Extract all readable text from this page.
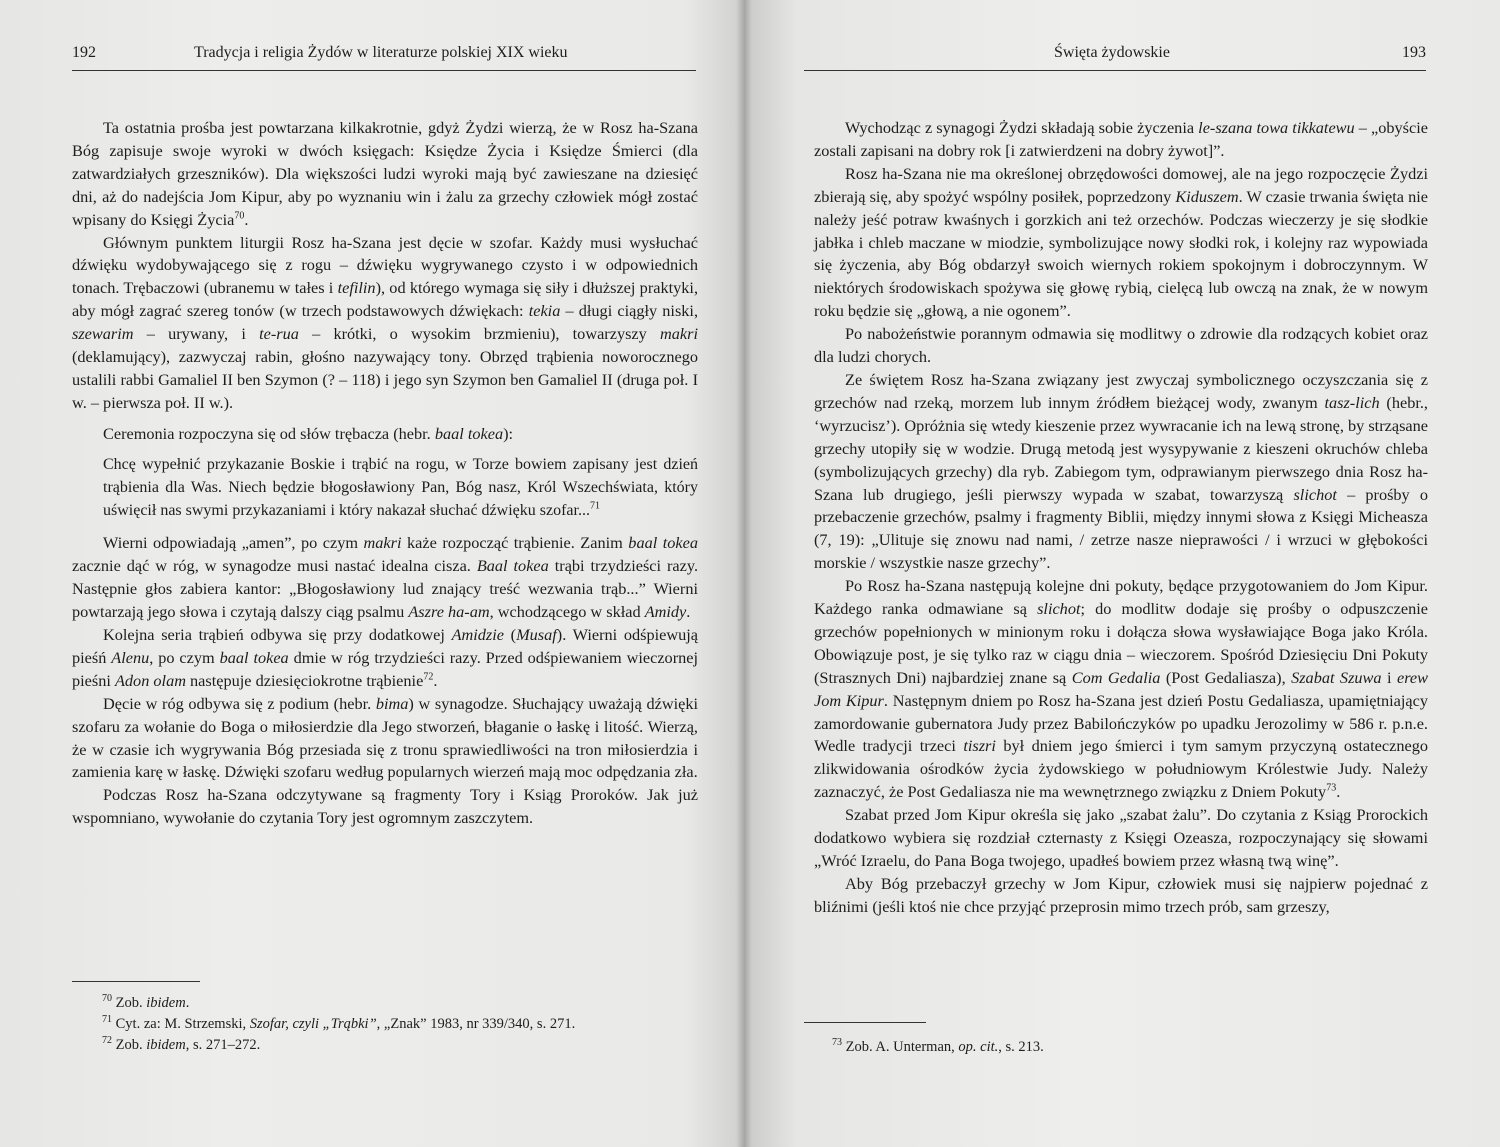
192	Tradycja i religia Żydów w literaturze polskiej XIX wieku

Ta ostatnia prośba jest powtarzana kilkakrotnie, gdyż Żydzi wierzą, że w Rosz ha-Szana Bóg zapisuje swoje wyroki w dwóch księgach: Księdze Życia i Księdze Śmierci (dla zatwardziałych grzeszników). Dla większości ludzi wyroki mają być zawieszane na dziesięć dni, aż do nadejścia Jom Kipur, aby po wyznaniu win i żalu za grzechy człowiek mógł zostać wpisany do Księgi Życia$^{70}$.

Głównym punktem liturgii Rosz ha-Szana jest dęcie w szofar. Każdy musi wysłuchać dźwięku wydobywającego się z rogu – dźwięku wygrywanego czysto i w odpowiednich tonach. Trębaczowi (ubranemu w tałes i tefilin), od którego wymaga się siły i dłuższej praktyki, aby mógł zagrać szereg tonów (w trzech podstawowych dźwiękach: tekia – długi ciągły niski, szewarim – urywany, i te-rua – krótki, o wysokim brzmieniu), towarzyszy makri (deklamujący), zazwyczaj rabin, głośno nazywający tony. Obrzęd trąbienia noworocznego ustalili rabbi Gamaliel II ben Szymon (? – 118) i jego syn Szymon ben Gamaliel II (druga poł. I w. – pierwsza poł. II w.).

Ceremonia rozpoczyna się od słów trębacza (hebr. baal tokea):

Chcę wypełnić przykazanie Boskie i trąbić na rogu, w Torze bowiem zapisany jest dzień trąbienia dla Was. Niech będzie błogosławiony Pan, Bóg nasz, Król Wszechświata, który uświęcił nas swymi przykazaniami i który nakazał słuchać dźwięku szofar...$^{71}$

Wierni odpowiadają „amen”, po czym makri każe rozpocząć trąbienie. Zanim baal tokea zacznie dąć w róg, w synagodze musi nastać idealna cisza. Baal tokea trąbi trzydzieści razy. Następnie głos zabiera kantor: „Błogosławiony lud znający treść wezwania trąb...” Wierni powtarzają jego słowa i czytają dalszy ciąg psalmu Aszre ha-am, wchodzącego w skład Amidy.

Kolejna seria trąbień odbywa się przy dodatkowej Amidzie (Musaf). Wierni odśpiewują pieśń Alenu, po czym baal tokea dmie w róg trzydzieści razy. Przed odśpiewaniem wieczornej pieśni Adon olam następuje dziesięciokrotne trąbienie$^{72}$.

Dęcie w róg odbywa się z podium (hebr. bima) w synagodze. Słuchający uważają dźwięki szofaru za wołanie do Boga o miłosierdzie dla Jego stworzeń, błaganie o łaskę i litość. Wierzą, że w czasie ich wygrywania Bóg przesiada się z tronu sprawiedliwości na tron miłosierdzia i zamienia karę w łaskę. Dźwięki szofaru według popularnych wierzeń mają moc odpędzania zła.

Podczas Rosz ha-Szana odczytywane są fragmenty Tory i Ksiąg Proroków. Jak już wspomniano, wywołanie do czytania Tory jest ogromnym zaszczytem.

$^{70}$ Zob. ibidem.
$^{71}$ Cyt. za: M. Strzemski, Szofar, czyli „Trąbki”, „Znak” 1983, nr 339/340, s. 271.
$^{72}$ Zob. ibidem, s. 271–272.
Święta żydowskie	193

Wychodząc z synagogi Żydzi składają sobie życzenia le-szana towa tikkatewu – „obyście zostali zapisani na dobry rok [i zatwierdzeni na dobry żywot]”.

Rosz ha-Szana nie ma określonej obrzędowości domowej, ale na jego rozpoczęcie Żydzi zbierają się, aby spożyć wspólny posiłek, poprzedzony Kiduszem. W czasie trwania święta nie należy jeść potraw kwaśnych i gorzkich ani też orzechów. Podczas wieczerzy je się słodkie jabłka i chleb maczane w miodzie, symbolizujące nowy słodki rok, i kolejny raz wypowiada się życzenia, aby Bóg obdarzył swoich wiernych rokiem spokojnym i dobroczynnym. W niektórych środowiskach spożywa się głowę rybią, cielęcą lub owczą na znak, że w nowym roku będzie się „głową, a nie ogonem”.

Po nabożeństwie porannym odmawia się modlitwy o zdrowie dla rodzących kobiet oraz dla ludzi chorych.

Ze świętem Rosz ha-Szana związany jest zwyczaj symbolicznego oczyszczania się z grzechów nad rzeką, morzem lub innym źródłem bieżącej wody, zwanym tasz-lich (hebr., ‘wyrzucisz’). Opróżnia się wtedy kieszenie przez wywracanie ich na lewą stronę, by strząsane grzechy utopiły się w wodzie. Drugą metodą jest wysypywanie z kieszeni okruchów chleba (symbolizujących grzechy) dla ryb. Zabiegom tym, odprawianym pierwszego dnia Rosz ha-Szana lub drugiego, jeśli pierwszy wypada w szabat, towarzyszą slichot – prośby o przebaczenie grzechów, psalmy i fragmenty Biblii, między innymi słowa z Księgi Micheasza (7, 19): „Ulituje się znowu nad nami, / zetrze nasze nieprawości / i wrzuci w głębokości morskie / wszystkie nasze grzechy”.

Po Rosz ha-Szana następują kolejne dni pokuty, będące przygotowaniem do Jom Kipur. Każdego ranka odmawiane są slichot; do modlitw dodaje się prośby o odpuszczenie grzechów popełnionych w minionym roku i dołącza słowa wysławiające Boga jako Króla. Obowiązuje post, je się tylko raz w ciągu dnia – wieczorem. Spośród Dziesięciu Dni Pokuty (Strasznych Dni) najbardziej znane są Com Gedalia (Post Gedaliasza), Szabat Szuwa i erew Jom Kipur. Następnym dniem po Rosz ha-Szana jest dzień Postu Gedaliasza, upamiętniający zamordowanie gubernatora Judy przez Babilończyków po upadku Jerozolimy w 586 r. p.n.e. Wedle tradycji trzeci tiszri był dniem jego śmierci i tym samym przyczyną ostatecznego zlikwidowania ośrodków życia żydowskiego w południowym Królestwie Judy. Należy zaznaczyć, że Post Gedaliasza nie ma wewnętrznego związku z Dniem Pokuty$^{73}$.

Szabat przed Jom Kipur określa się jako „szabat żalu”. Do czytania z Ksiąg Prorockich dodatkowo wybiera się rozdział czternasty z Księgi Ozeasza, rozpoczynający się słowami „Wróć Izraelu, do Pana Boga twojego, upadłeś bowiem przez własną twą winę”.

Aby Bóg przebaczył grzechy w Jom Kipur, człowiek musi się najpierw pojednać z bliźnimi (jeśli ktoś nie chce przyjąć przeprosin mimo trzech prób, sam grzeszy,

$^{73}$ Zob. A. Unterman, op. cit., s. 213.
